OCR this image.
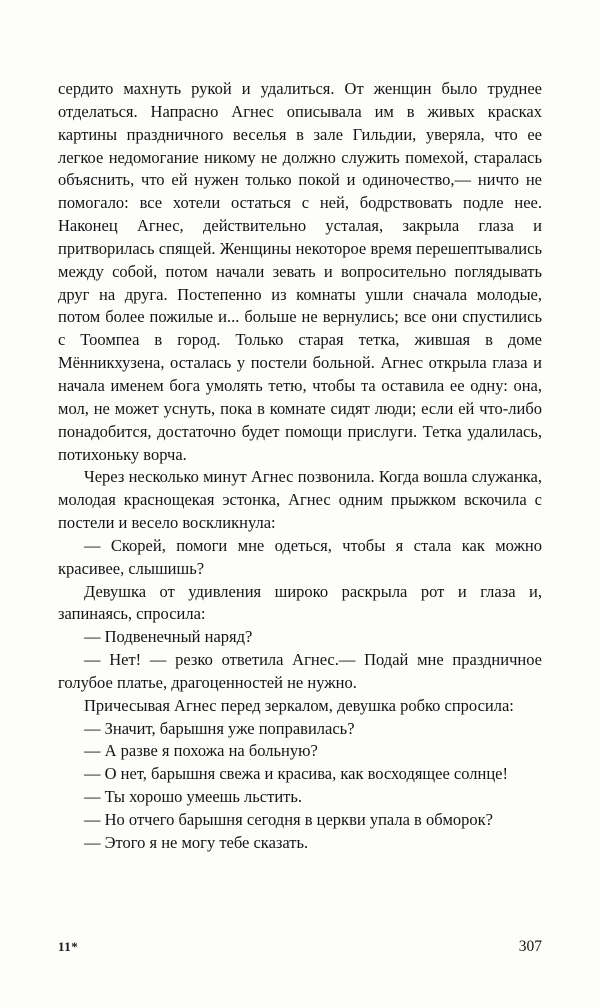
сердито махнуть рукой и удалиться. От женщин было труднее отделаться. Напрасно Агнес описывала им в живых красках картины праздничного веселья в зале Гильдии, уверяла, что ее легкое недомогание никому не должно служить помехой, старалась объяснить, что ей нужен только покой и одиночество,— ничто не помогало: все хотели остаться с ней, бодрствовать подле нее. Наконец Агнес, действительно усталая, закрыла глаза и притворилась спящей. Женщины некоторое время перешептывались между собой, потом начали зевать и вопросительно поглядывать друг на друга. Постепенно из комнаты ушли сначала молодые, потом более пожилые и... больше не вернулись; все они спустились с Тоомпеа в город. Только старая тетка, жившая в доме Мённикхузена, осталась у постели больной. Агнес открыла глаза и начала именем бога умолять тетю, чтобы та оставила ее одну: она, мол, не может уснуть, пока в комнате сидят люди; если ей что-либо понадобится, достаточно будет помощи прислуги. Тетка удалилась, потихоньку ворча.

Через несколько минут Агнес позвонила. Когда вошла служанка, молодая краснощекая эстонка, Агнес одним прыжком вскочила с постели и весело воскликнула:

— Скорей, помоги мне одеться, чтобы я стала как можно красивее, слышишь?

Девушка от удивления широко раскрыла рот и глаза и, запинаясь, спросила:

— Подвенечный наряд?

— Нет! — резко ответила Агнес.— Подай мне праздничное голубое платье, драгоценностей не нужно.

Причесывая Агнес перед зеркалом, девушка робко спросила:

— Значит, барышня уже поправилась?

— А разве я похожа на больную?

— О нет, барышня свежа и красива, как восходящее солнце!

— Ты хорошо умеешь льстить.

— Но отчего барышня сегодня в церкви упала в обморок?

— Этого я не могу тебе сказать.

11*	307
